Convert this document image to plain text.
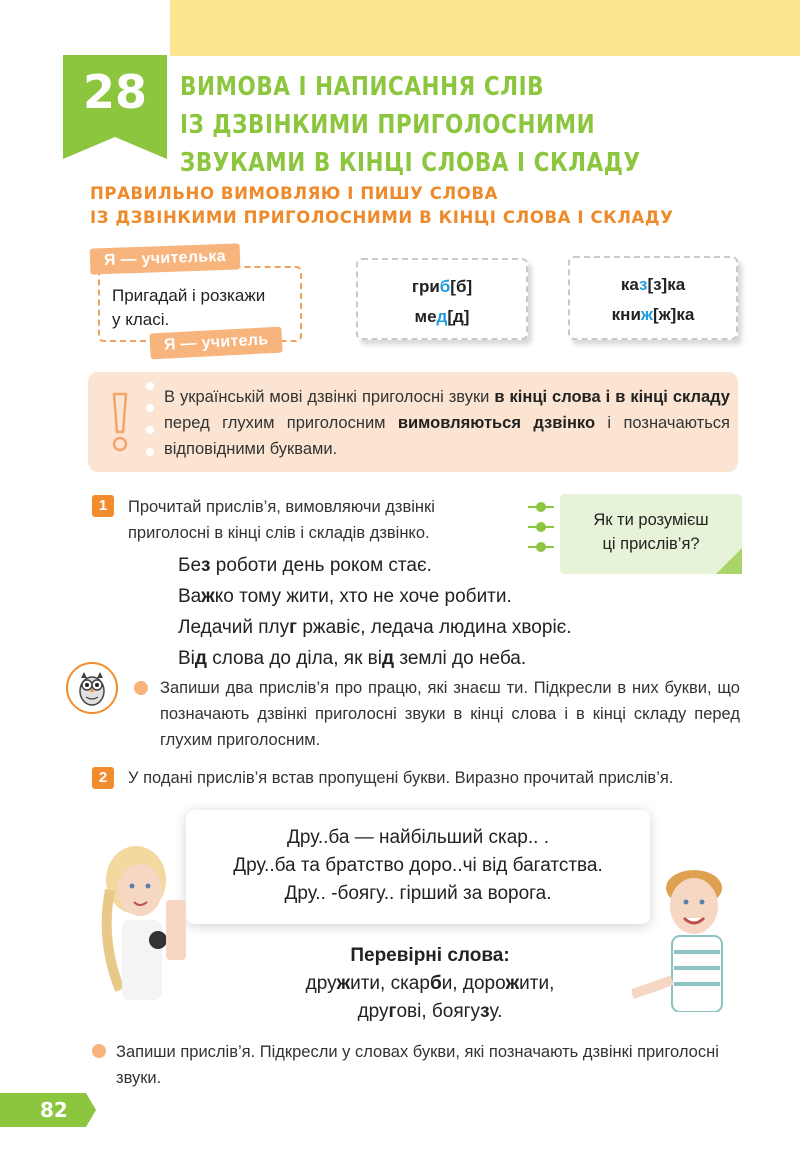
28	ВИМОВА І НАПИСАННЯ СЛІВ
ІЗ ДЗВІНКИМИ ПРИГОЛОСНИМИ
ЗВУКАМИ В КІНЦІ СЛОВА І СКЛАДУ
ПРАВИЛЬНО ВИМОВЛЯЮ І ПИШУ СЛОВА
ІЗ ДЗВІНКИМИ ПРИГОЛОСНИМИ В КІНЦІ СЛОВА І СКЛАДУ
Пригадай і розкажи
у класі.
Я — учителька
Я — учитель
гриб[б]
мед[д]
каз[з]ка
книж[ж]ка
В українській мові дзвінкі приголосні звуки в кінці слова і в кінці складу перед глухим приголосним вимовляються дзвінко і позначаються відповідними буквами.
1	Прочитай прислів’я, вимовляючи дзвінкі
приголосні в кінці слів і складів дзвінко.
Як ти розумієш
ці прислів’я?
Без роботи день роком стає.
Важко тому жити, хто не хоче робити.
Ледачий плуг ржавіє, ледача людина хворіє.
Від слова до діла, як від землі до неба.
Запиши два прислів’я про працю, які знаєш ти. Підкресли в них букви, що позначають дзвінкі приголосні звуки в кінці слова і в кінці складу перед глухим приголосним.
2	У подані прислів’я встав пропущені букви. Виразно прочитай прислів’я.
Дру..ба — найбільший скар.. .
Дру..ба та братство доро..чі від багатства.
Дру.. -боягу.. гірший за ворога.
Перевірні слова:
дружити, скарби, дорожити,
другові, боягузу.
Запиши прислів’я. Підкресли у словах букви, які позначають дзвінкі приголосні звуки.
82
